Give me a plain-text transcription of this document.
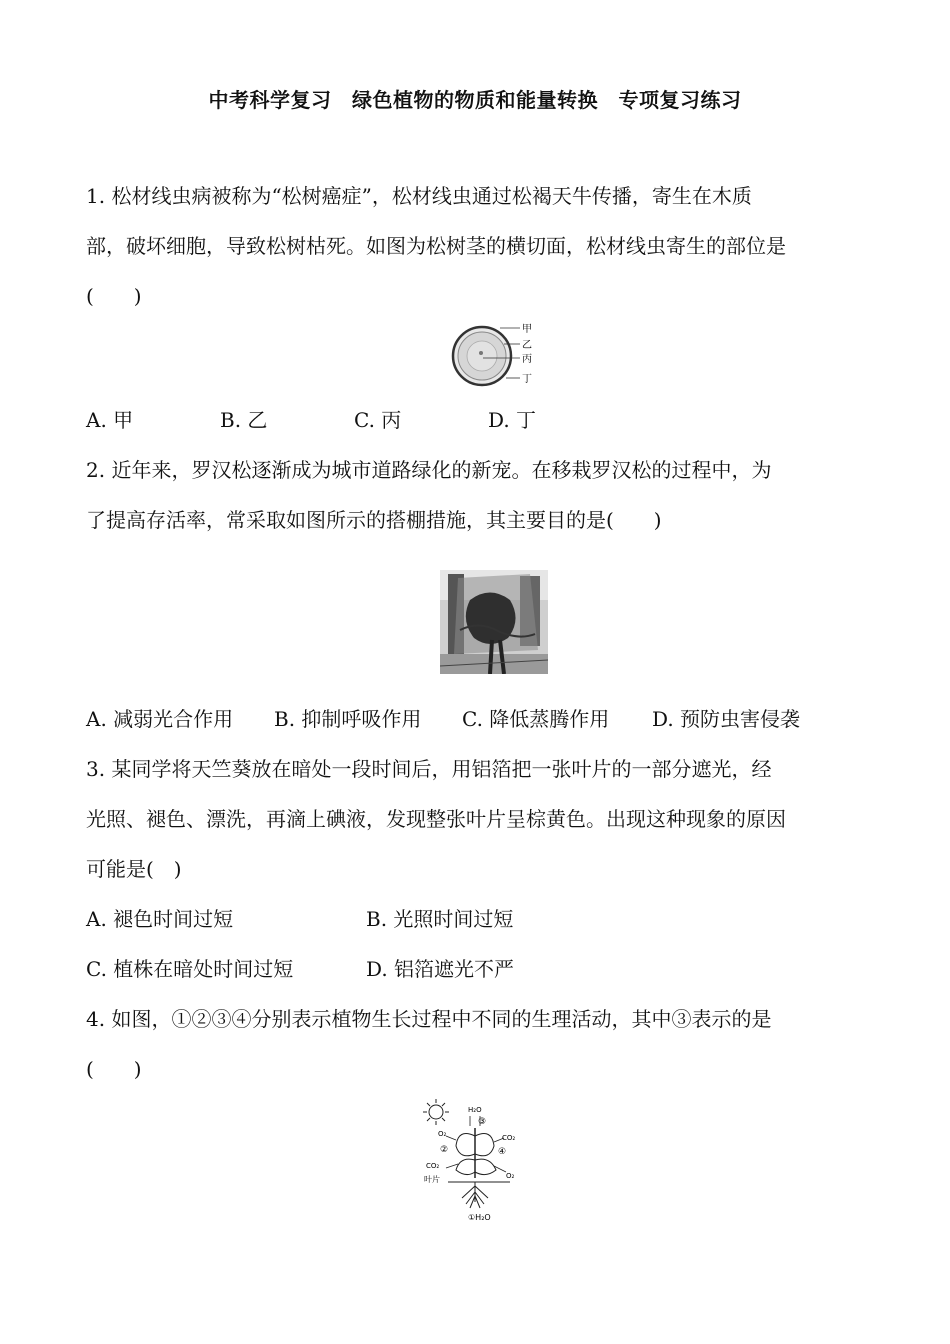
中考科学复习　绿色植物的物质和能量转换　专项复习练习
1. 松材线虫病被称为“松树癌症”，松材线虫通过松褐天牛传播，寄生在木质
部，破坏细胞，导致松树枯死。如图为松树茎的横切面，松材线虫寄生的部位是
(　　)
甲
乙
丙
丁
A. 甲	B. 乙	C. 丙	D. 丁
2. 近年来，罗汉松逐渐成为城市道路绿化的新宠。在移栽罗汉松的过程中，为
了提高存活率，常采取如图所示的搭棚措施，其主要目的是(　　)
A. 减弱光合作用 B. 抑制呼吸作用 C. 降低蒸腾作用 D. 预防虫害侵袭
3. 某同学将天竺葵放在暗处一段时间后，用铝箔把一张叶片的一部分遮光，经
光照、褪色、漂洗，再滴上碘液，发现整张叶片呈棕黄色。出现这种现象的原因
可能是(　)
A. 褪色时间过短	B. 光照时间过短
C. 植株在暗处时间过短	D. 铝箔遮光不严
4. 如图，①②③④分别表示植物生长过程中不同的生理活动，其中③表示的是
(　　)
H₂O
③
O₂	CO₂
②	④
CO₂
O₂
叶片
①H₂O
